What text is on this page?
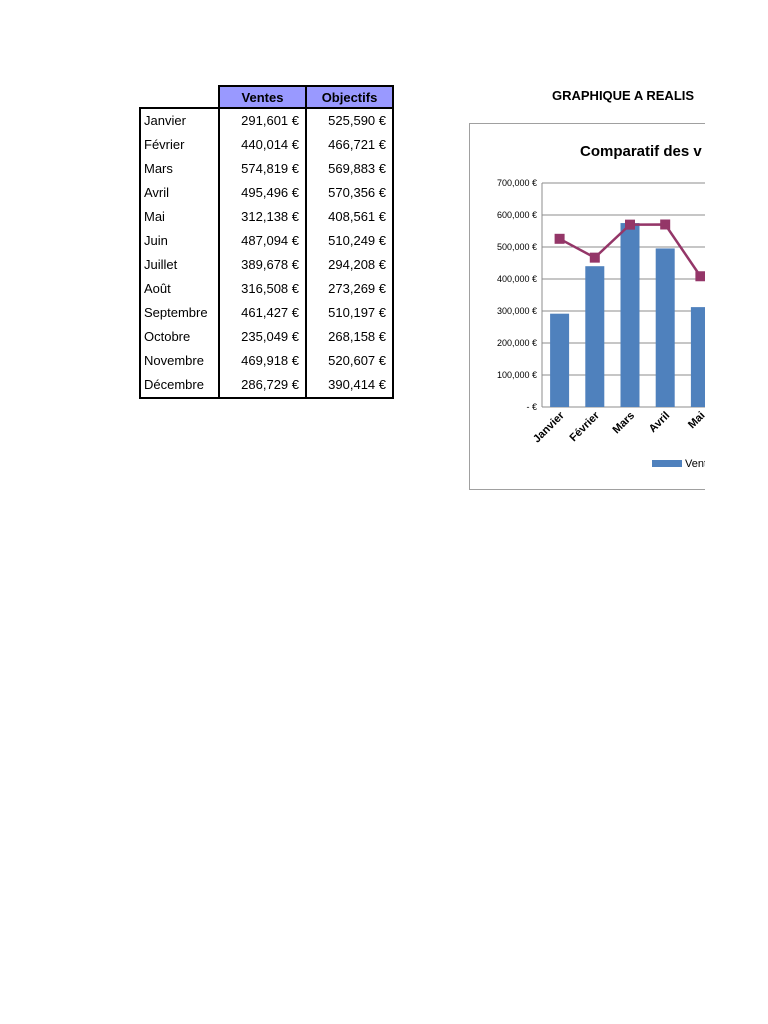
GRAPHIQUE A REALIS
	Ventes	Objectifs
Janvier	291,601 €	525,590 €
Février	440,014 €	466,721 €
Mars	574,819 €	569,883 €
Avril	495,496 €	570,356 €
Mai	312,138 €	408,561 €
Juin	487,094 €	510,249 €
Juillet	389,678 €	294,208 €
Août	316,508 €	273,269 €
Septembre	461,427 €	510,197 €
Octobre	235,049 €	268,158 €
Novembre	469,918 €	520,607 €
Décembre	286,729 €	390,414 €
Comparatif des v
- €
100,000 €
200,000 €
300,000 €
400,000 €
500,000 €
600,000 €
700,000 €
Janvier Février Mars Avril Mai
Vent
